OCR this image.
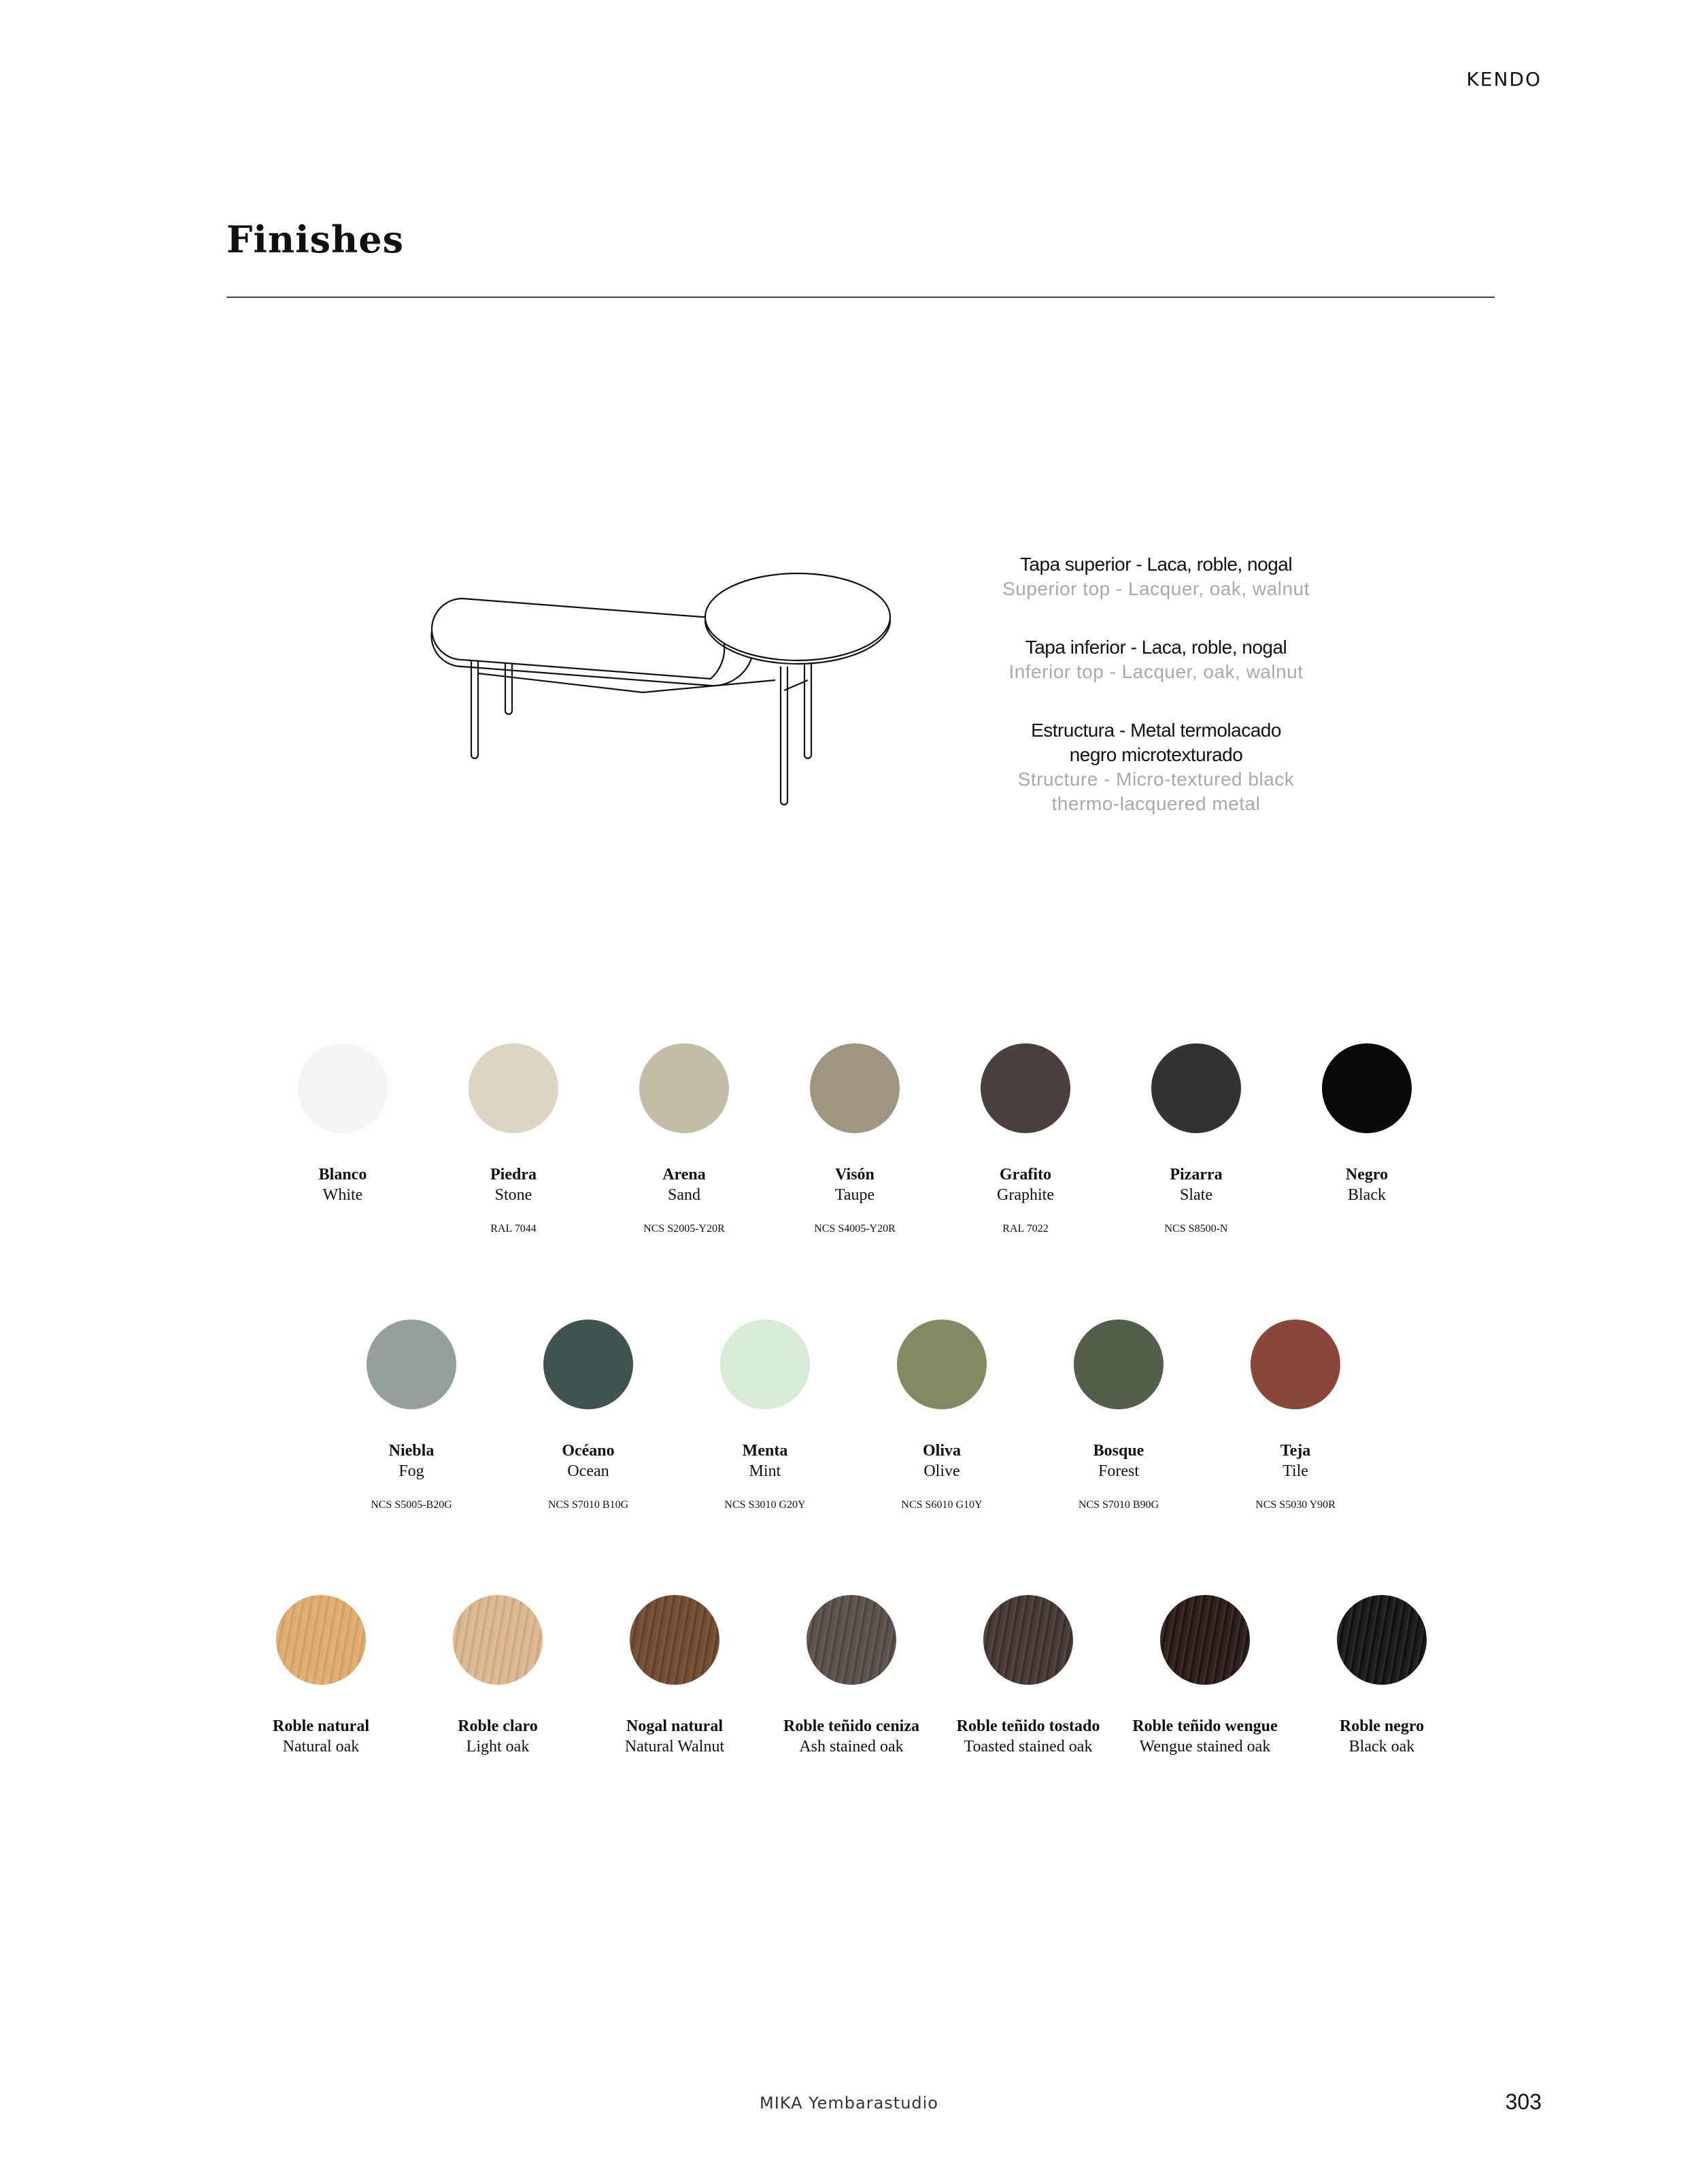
KENDO
Finishes
Tapa superior - Laca, roble, nogal
Superior top - Lacquer, oak, walnut
Tapa inferior - Laca, roble, nogal
Inferior top - Lacquer, oak, walnut
Estructura - Metal termolacado negro microtexturado
Structure - Micro-textured black thermo-lacquered metal
Blanco
White
Piedra
Stone
RAL 7044
Arena
Sand
NCS S2005-Y20R
Visón
Taupe
NCS S4005-Y20R
Grafito
Graphite
RAL 7022
Pizarra
Slate
NCS S8500-N
Negro
Black
Niebla
Fog
NCS S5005-B20G
Océano
Ocean
NCS S7010 B10G
Menta
Mint
NCS S3010 G20Y
Oliva
Olive
NCS S6010 G10Y
Bosque
Forest
NCS S7010 B90G
Teja
Tile
NCS S5030 Y90R
Roble natural
Natural oak
Roble claro
Light oak
Nogal natural
Natural Walnut
Roble teñido ceniza
Ash stained oak
Roble teñido tostado
Toasted stained oak
Roble teñido wengue
Wengue stained oak
Roble negro
Black oak
MIKA Yembarastudio	303
